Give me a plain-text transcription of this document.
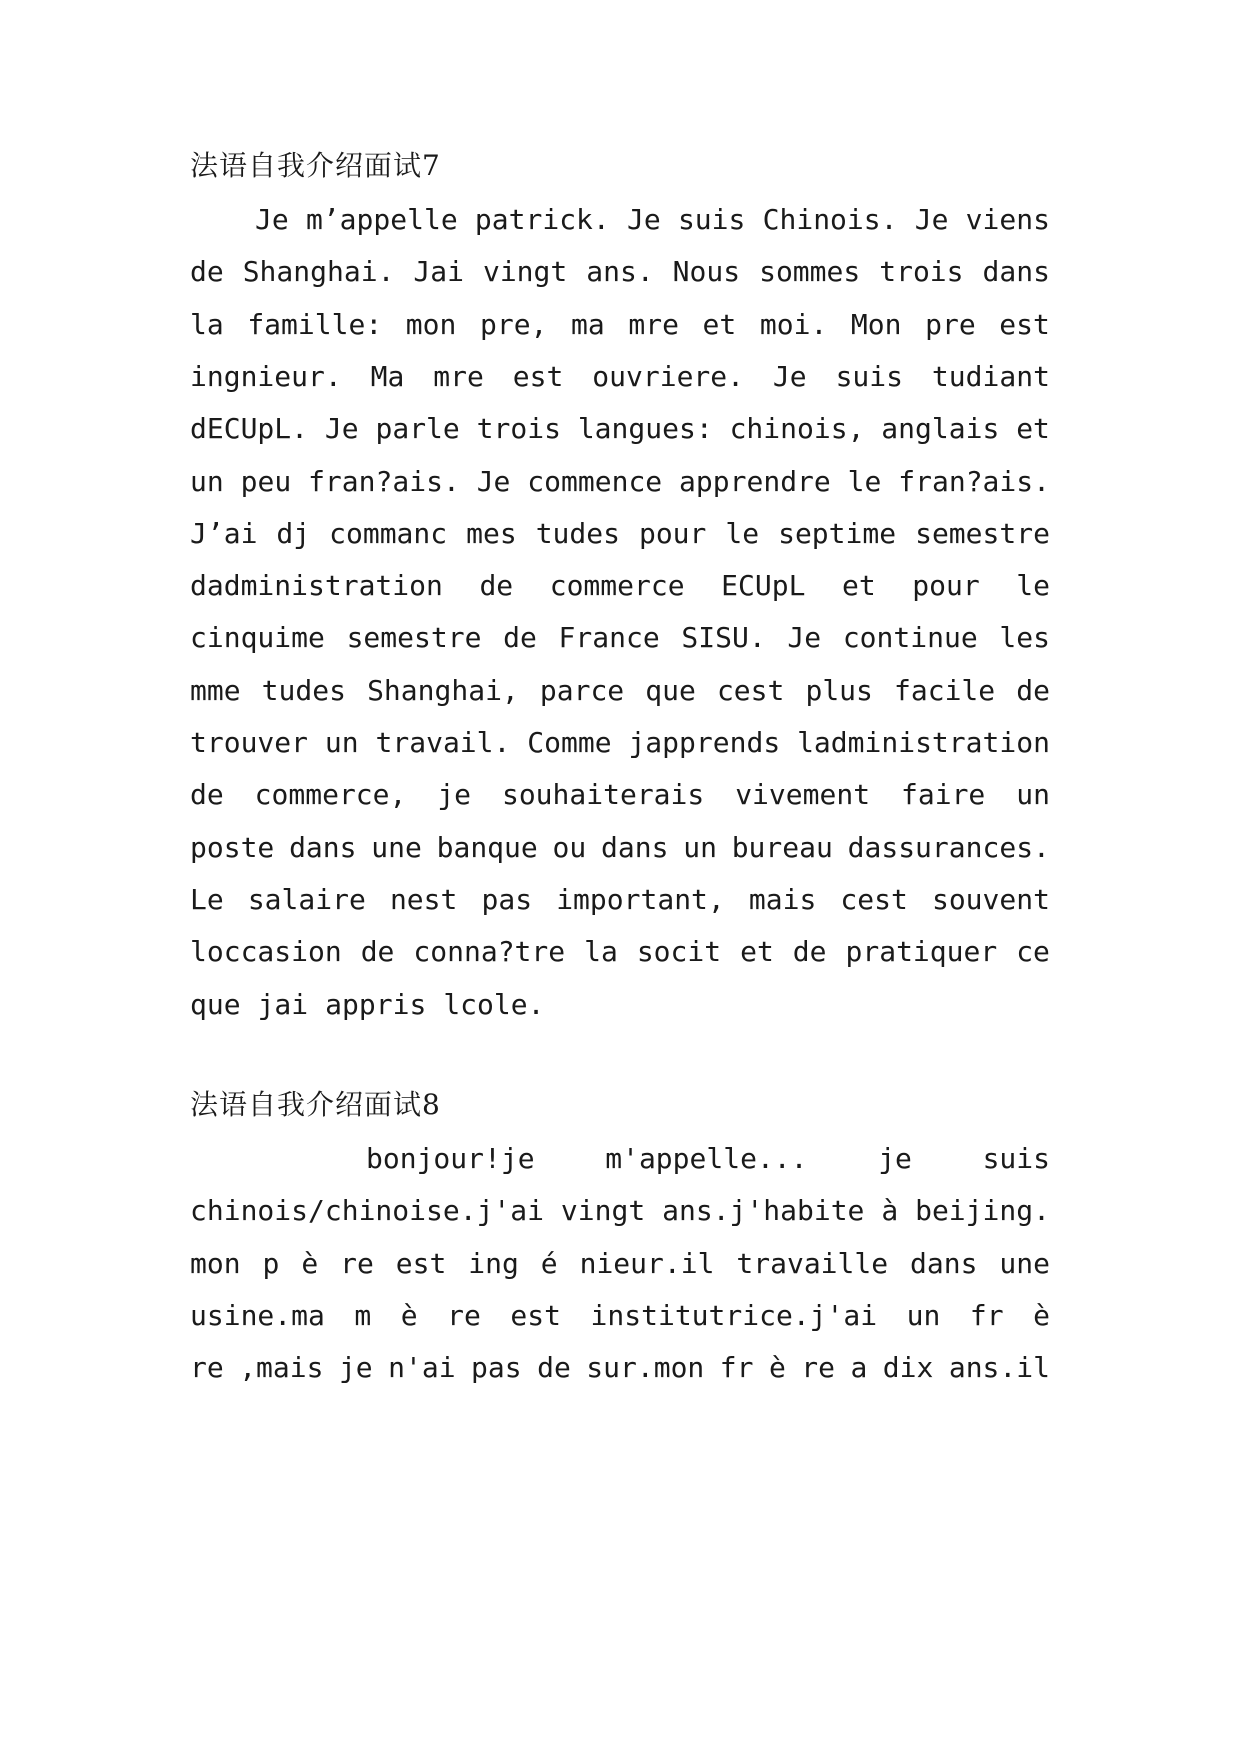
法语自我介绍面试7
Je m’appelle patrick. Je suis Chinois. Je viens
de Shanghai. Jai vingt ans. Nous sommes trois dans
la famille: mon pre, ma mre et moi. Mon pre est
ingnieur. Ma mre est ouvriere. Je suis tudiant
dECUpL. Je parle trois langues: chinois, anglais et
un peu fran?ais. Je commence apprendre le fran?ais.
J’ai dj commanc mes tudes pour le septime semestre
dadministration de commerce ECUpL et pour le
cinquime semestre de France SISU. Je continue les
mme tudes Shanghai, parce que cest plus facile de
trouver un travail. Comme japprends ladministration
de commerce, je souhaiterais vivement faire un
poste dans une banque ou dans un bureau dassurances.
Le salaire nest pas important, mais cest souvent
loccasion de conna?tre la socit et de pratiquer ce
que jai appris lcole.
法语自我介绍面试8
bonjour!je	m'appelle...	je	suis
chinois/chinoise.j'ai vingt ans.j'habite à beijing.
mon p è re est ing é nieur.il travaille dans une
usine.ma m è re est institutrice.j'ai un fr è
re ,mais je n'ai pas de sur.mon fr è re a dix ans.il
